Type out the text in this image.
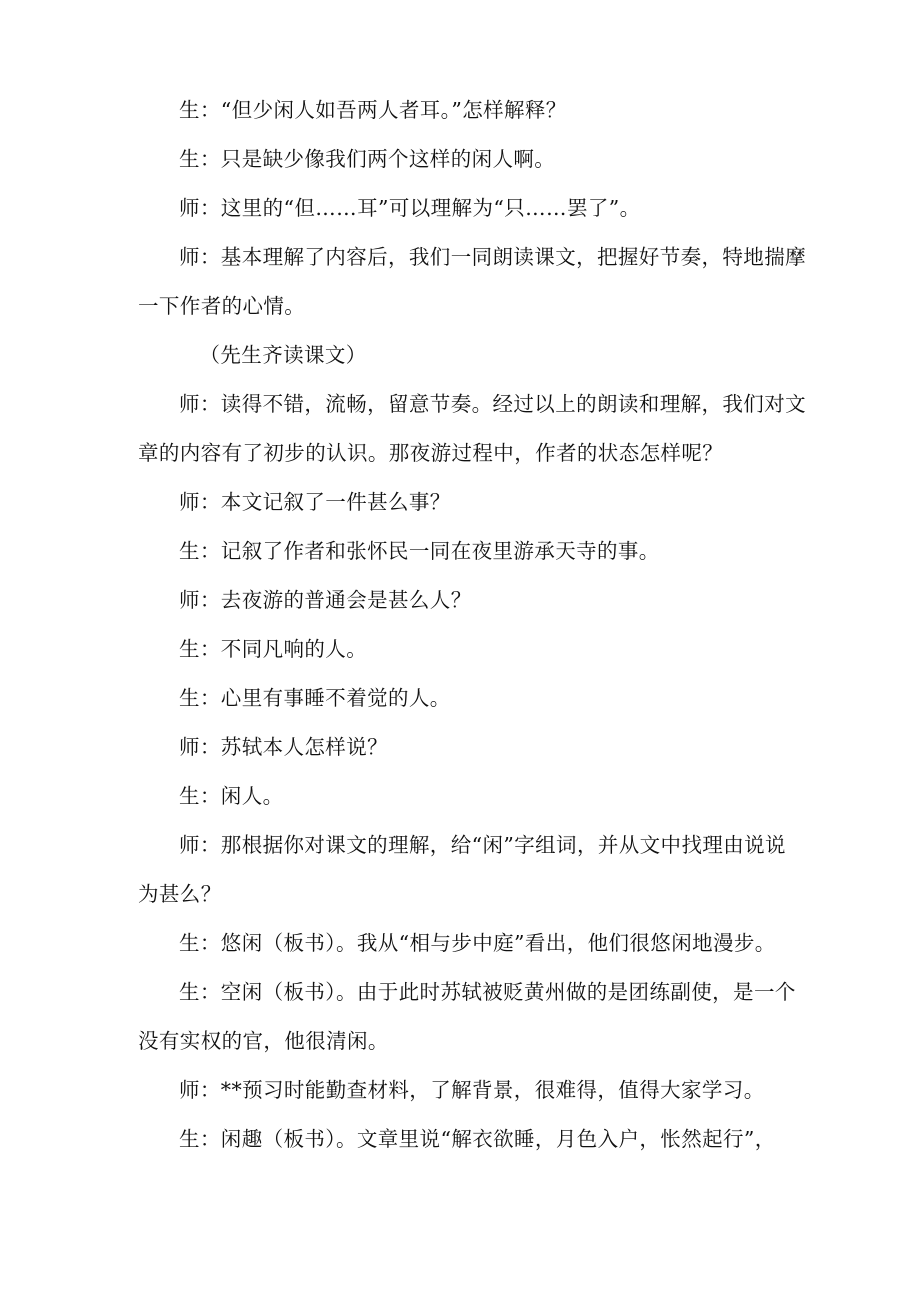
生：“但少闲人如吾两人者耳。”怎样解释？

生：只是缺少像我们两个这样的闲人啊。

师：这里的“但……耳”可以理解为“只……罢了”。

师：基本理解了内容后，我们一同朗读课文，把握好节奏，特地揣摩

一下作者的心情。

（先生齐读课文）

师：读得不错，流畅，留意节奏。经过以上的朗读和理解，我们对文

章的内容有了初步的认识。那夜游过程中，作者的状态怎样呢？

师：本文记叙了一件甚么事？

生：记叙了作者和张怀民一同在夜里游承天寺的事。

师：去夜游的普通会是甚么人？

生：不同凡响的人。

生：心里有事睡不着觉的人。

师：苏轼本人怎样说？

生：闲人。

师：那根据你对课文的理解，给“闲”字组词，并从文中找理由说说

为甚么？

生：悠闲（板书）。我从“相与步中庭”看出，他们很悠闲地漫步。

生：空闲（板书）。由于此时苏轼被贬黄州做的是团练副使，是一个

没有实权的官，他很清闲。

师：**预习时能勤查材料，了解背景，很难得，值得大家学习。

生：闲趣（板书）。文章里说“解衣欲睡，月色入户，怅然起行”，
